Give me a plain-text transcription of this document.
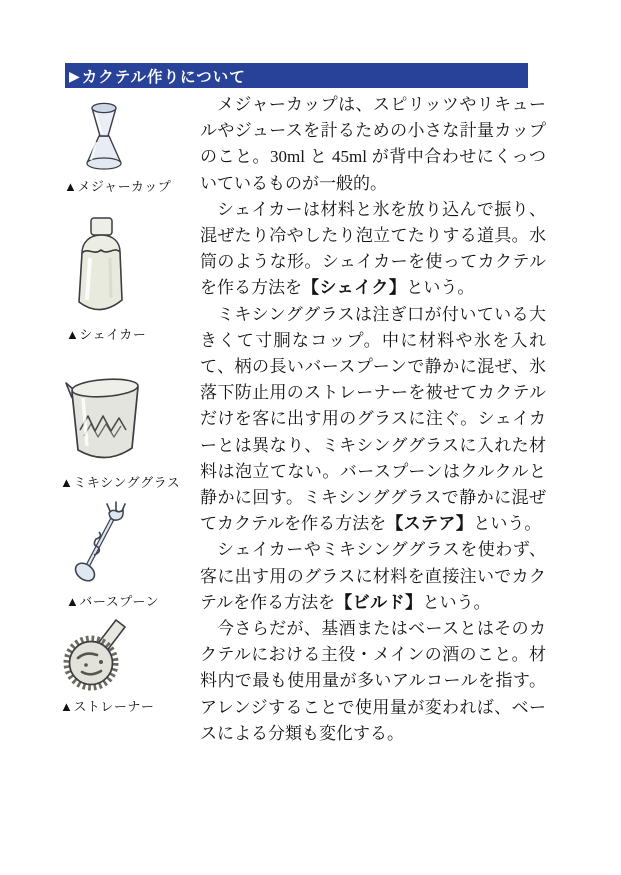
▶ カクテル作りについて
▲メジャーカップ
▲シェイカー
▲ミキシンググラス
▲バースプーン
▲ストレーナー

メジャーカップは、スピリッツやリキュールやジュースを計るための小さな計量カップのこと。30ml と 45ml が背中合わせにくっついているものが一般的。

シェイカーは材料と氷を放り込んで振り、混ぜたり冷やしたり泡立てたりする道具。水筒のような形。シェイカーを使ってカクテルを作る方法を【シェイク】という。

ミキシンググラスは注ぎ口が付いている大きくて寸胴なコップ。中に材料や氷を入れて、柄の長いバースプーンで静かに混ぜ、氷落下防止用のストレーナーを被せてカクテルだけを客に出す用のグラスに注ぐ。シェイカーとは異なり、ミキシンググラスに入れた材料は泡立てない。バースプーンはクルクルと静かに回す。ミキシンググラスで静かに混ぜてカクテルを作る方法を【ステア】という。

シェイカーやミキシンググラスを使わず、客に出す用のグラスに材料を直接注いでカクテルを作る方法を【ビルド】という。

今さらだが、基酒またはベースとはそのカクテルにおける主役・メインの酒のこと。材料内で最も使用量が多いアルコールを指す。アレンジすることで使用量が変われば、ベースによる分類も変化する。
